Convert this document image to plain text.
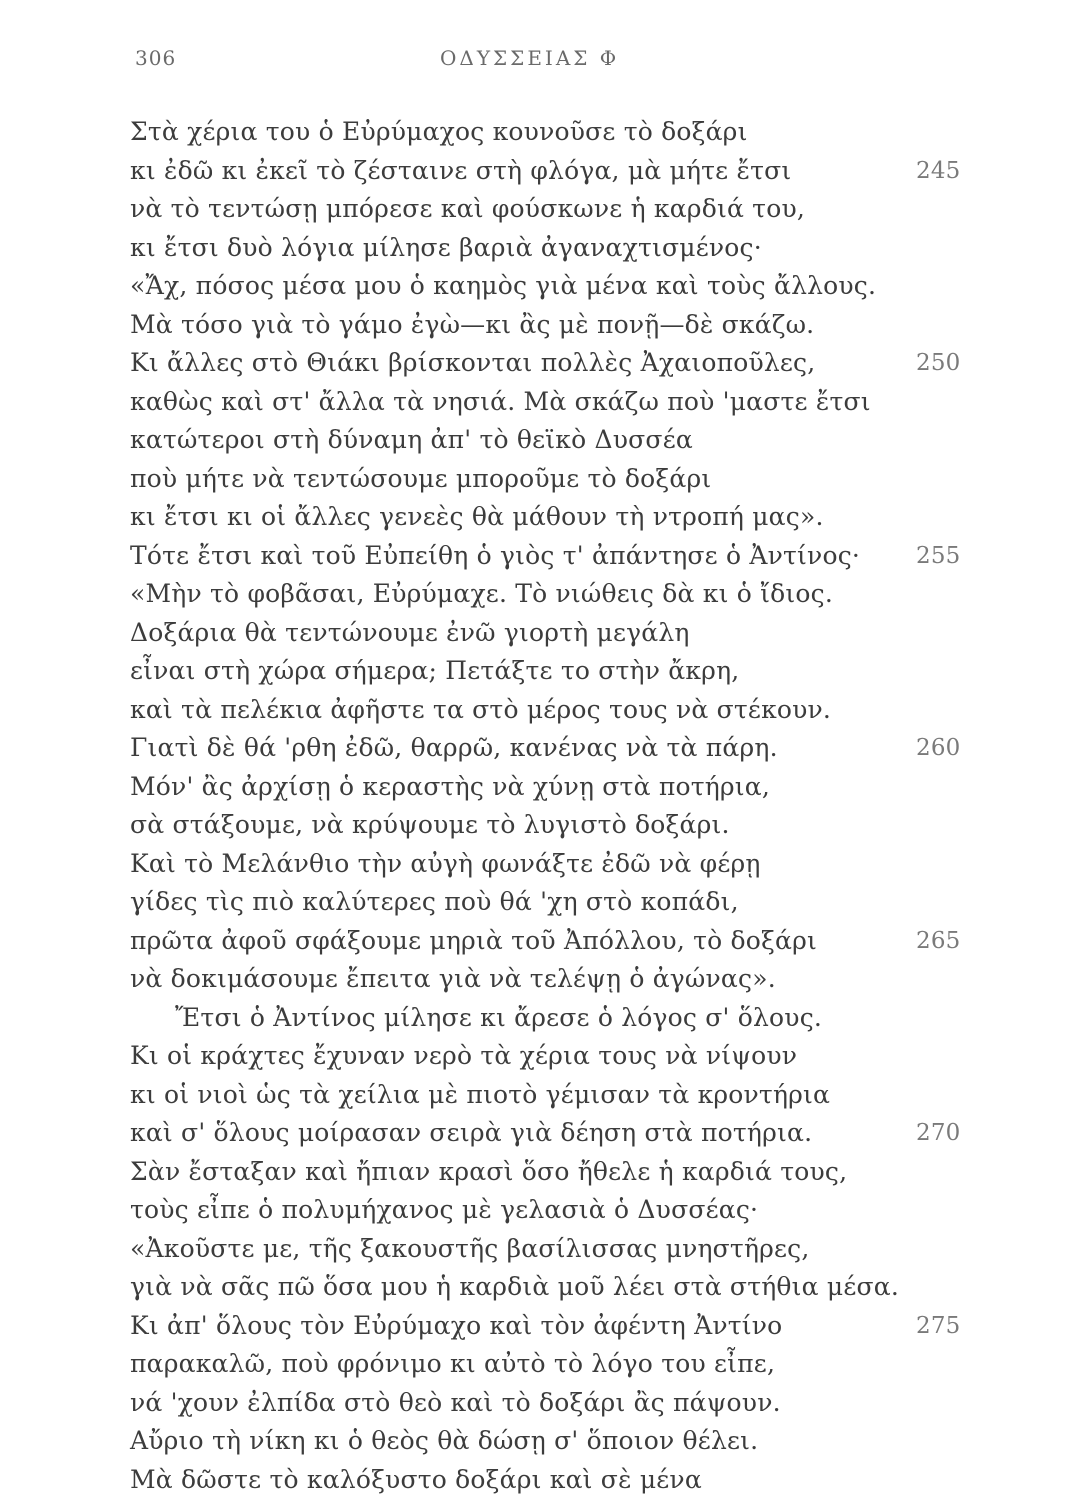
306	ΟΔΥΣΣΕΙΑΣ Φ
Στὰ χέρια του ὁ Εὐρύμαχος κουνοῦσε τὸ δοξάρι
κι ἐδῶ κι ἐκεῖ τὸ ζέσταινε στὴ φλόγα, μὰ μήτε ἔτσι	245
νὰ τὸ τεντώσῃ μπόρεσε καὶ φούσκωνε ἡ καρδιά του,
κι ἔτσι δυὸ λόγια μίλησε βαριὰ ἀγαναχτισμένος·
«Ἄχ, πόσος μέσα μου ὁ καημὸς γιὰ μένα καὶ τοὺς ἄλλους.
Μὰ τόσο γιὰ τὸ γάμο ἐγὼ—κι ἂς μὲ πονῇ—δὲ σκάζω.
Κι ἄλλες στὸ Θιάκι βρίσκονται πολλὲς Ἀχαιοποῦλες,	250
καθὼς καὶ στ' ἄλλα τὰ νησιά. Μὰ σκάζω ποὺ 'μαστε ἔτσι
κατώτεροι στὴ δύναμη ἀπ' τὸ θεϊκὸ Δυσσέα
ποὺ μήτε νὰ τεντώσουμε μποροῦμε τὸ δοξάρι
κι ἔτσι κι οἱ ἄλλες γενεὲς θὰ μάθουν τὴ ντροπή μας».
Τότε ἔτσι καὶ τοῦ Εὐπείθη ὁ γιὸς τ' ἀπάντησε ὁ Ἀντίνος· 255
«Μὴν τὸ φοβᾶσαι, Εὐρύμαχε. Τὸ νιώθεις δὰ κι ὁ ἴδιος.
Δοξάρια θὰ τεντώνουμε ἐνῶ γιορτὴ μεγάλη
εἶναι στὴ χώρα σήμερα; Πετάξτε το στὴν ἄκρη,
καὶ τὰ πελέκια ἀφῆστε τα στὸ μέρος τους νὰ στέκουν.
Γιατὶ δὲ θά 'ρθη ἐδῶ, θαρρῶ, κανένας νὰ τὰ πάρη.	260
Μόν' ἂς ἀρχίσῃ ὁ κεραστὴς νὰ χύνῃ στὰ ποτήρια,
σὰ στάξουμε, νὰ κρύψουμε τὸ λυγιστὸ δοξάρι.
Καὶ τὸ Μελάνθιο τὴν αὐγὴ φωνάξτε ἐδῶ νὰ φέρῃ
γίδες τὶς πιὸ καλύτερες ποὺ θά 'χη στὸ κοπάδι,
πρῶτα ἀφοῦ σφάξουμε μηριὰ τοῦ Ἀπόλλου, τὸ δοξάρι	265
νὰ δοκιμάσουμε ἔπειτα γιὰ νὰ τελέψῃ ὁ ἀγώνας».
Ἔτσι ὁ Ἀντίνος μίλησε κι ἄρεσε ὁ λόγος σ' ὅλους.
Κι οἱ κράχτες ἔχυναν νερὸ τὰ χέρια τους νὰ νίψουν
κι οἱ νιοὶ ὡς τὰ χείλια μὲ πιοτὸ γέμισαν τὰ κροντήρια
καὶ σ' ὅλους μοίρασαν σειρὰ γιὰ δέηση στὰ ποτήρια.	270
Σὰν ἔσταξαν καὶ ἤπιαν κρασὶ ὅσο ἤθελε ἡ καρδιά τους,
τοὺς εἶπε ὁ πολυμήχανος μὲ γελασιὰ ὁ Δυσσέας·
«Ἀκοῦστε με, τῆς ξακουστῆς βασίλισσας μνηστῆρες,
γιὰ νὰ σᾶς πῶ ὅσα μου ἡ καρδιὰ μοῦ λέει στὰ στήθια μέσα.
Κι ἀπ' ὅλους τὸν Εὐρύμαχο καὶ τὸν ἀφέντη Ἀντίνο	275
παρακαλῶ, ποὺ φρόνιμο κι αὐτὸ τὸ λόγο του εἶπε,
νά 'χουν ἐλπίδα στὸ θεὸ καὶ τὸ δοξάρι ἂς πάψουν.
Αὔριο τὴ νίκη κι ὁ θεὸς θὰ δώσῃ σ' ὅποιον θέλει.
Μὰ δῶστε τὸ καλόξυστο δοξάρι καὶ σὲ μένα
